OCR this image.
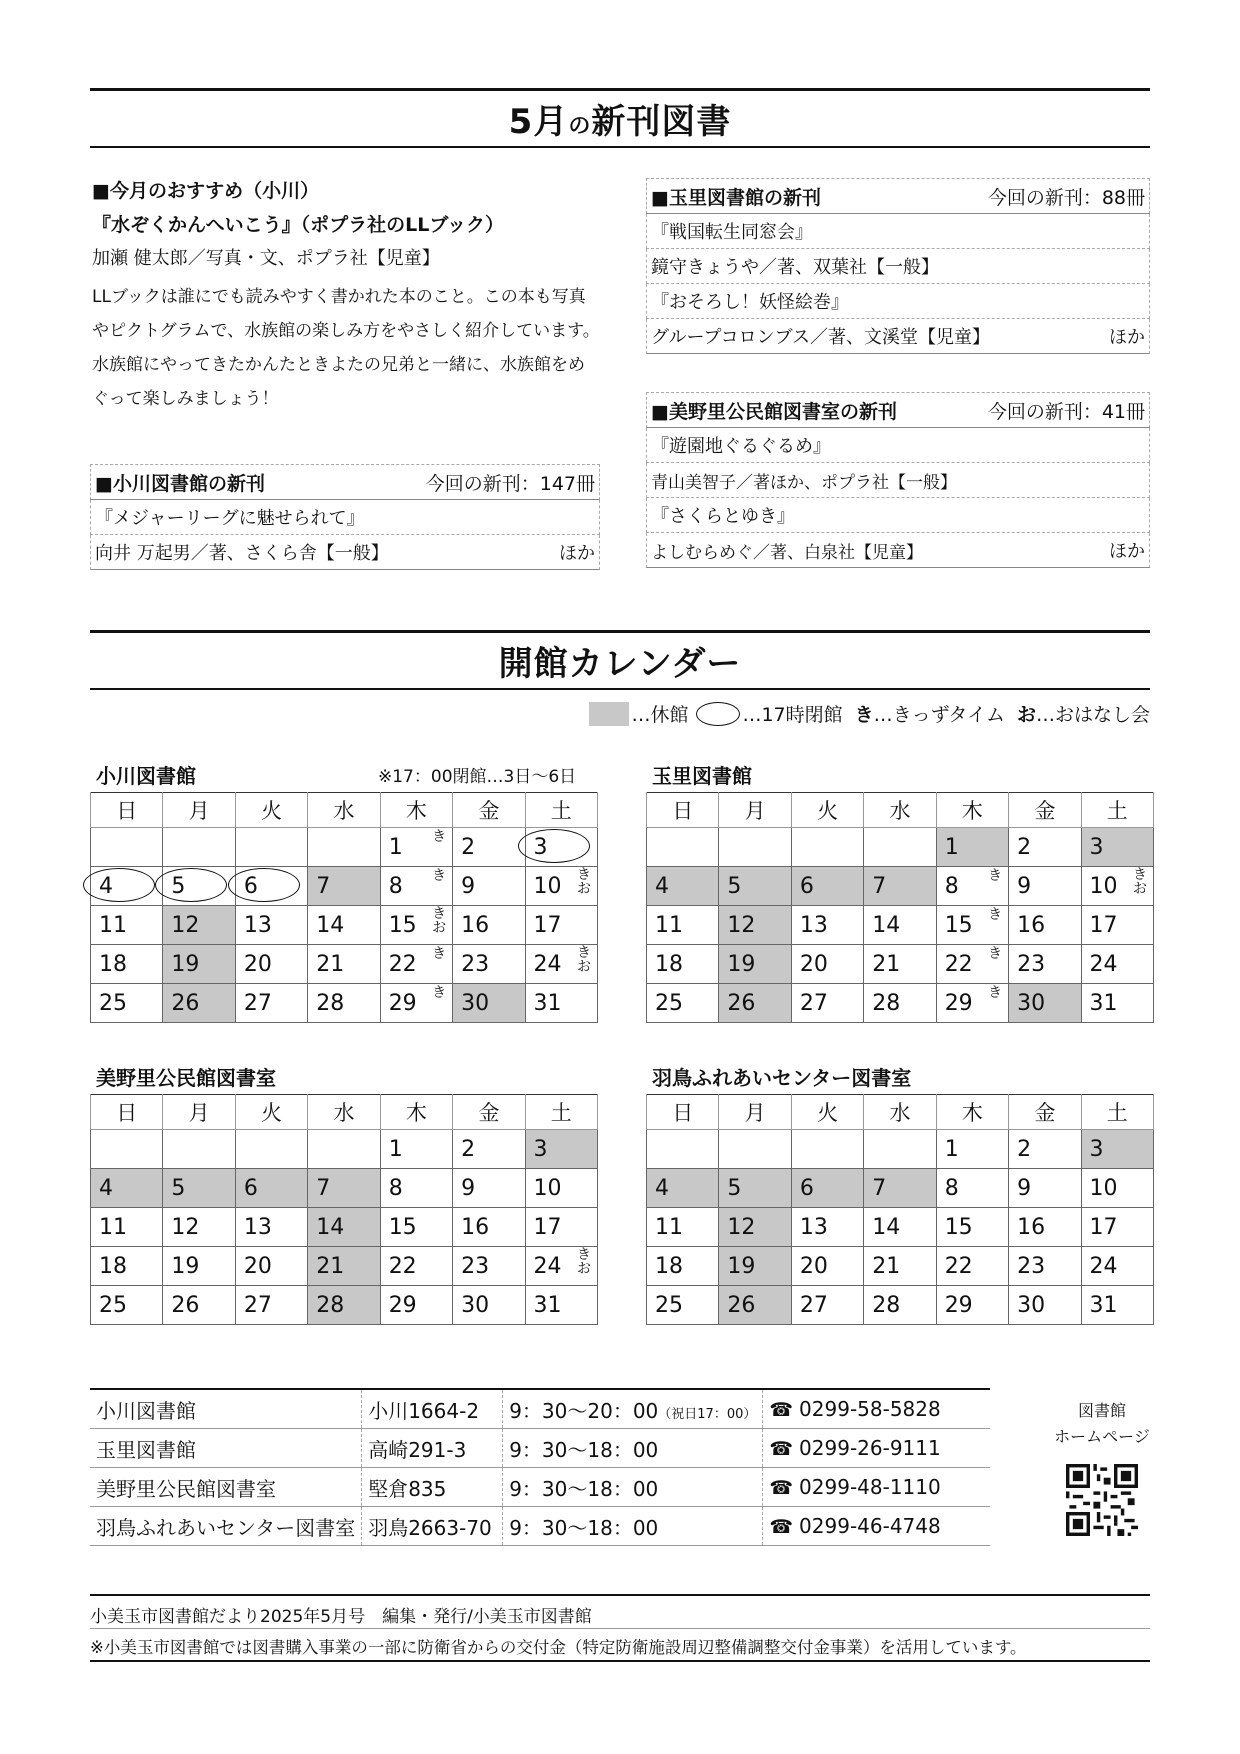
5月の新刊図書
■今月のおすすめ（小川）
『水ぞくかんへいこう』（ポプラ社のLLブック）
加瀬 健太郎／写真・文、ポプラ社【児童】
LLブックは誰にでも読みやすく書かれた本のこと。この本も写真
やピクトグラムで、水族館の楽しみ方をやさしく紹介しています。
水族館にやってきたかんたときよたの兄弟と一緒に、水族館をめ
ぐって楽しみましょう！
■小川図書館の新刊	今回の新刊：147冊
『メジャーリーグに魅せられて』
向井 万起男／著、さくら舎【一般】	ほか
■玉里図書館の新刊	今回の新刊：88冊
『戦国転生同窓会』
鏡守きょうや／著、双葉社【一般】
『おそろし！妖怪絵巻』
グループコロンブス／著、文溪堂【児童】	ほか
■美野里公民館図書室の新刊	今回の新刊：41冊
『遊園地ぐるぐるめ』
青山美智子／著ほか、ポプラ社【一般】
『さくらとゆき』
よしむらめぐ／著、白泉社【児童】	ほか
開館カレンダー
…休館	…17時閉館 き …きっずタイム お …おはなし会
小川図書館	※17：00閉館…3日～6日
日	月	火	水	木	金	土
				1 き	2	3

4	5	6	7	8 き	9	10 きお

11	12	13	14	15 きお	16	17
18	19	20	21	22 き	23	24 きお

25	26	27	28	29 き	30	31
玉里図書館
日	月	火	水	木	金	土
				1	2	3
4	5	6	7	8 き	9	10 きお

11	12	13	14	15 き	16	17
18	19	20	21	22 き	23	24
25	26	27	28	29 き	30	31
美野里公民館図書室
日	月	火	水	木	金	土
				1	2	3
4	5	6	7	8	9	10
11	12	13	14	15	16	17
18	19	20	21	22	23	24 きお

25	26	27	28	29	30	31
羽鳥ふれあいセンター図書室
日	月	火	水	木	金	土
				1	2	3
4	5	6	7	8	9	10
11	12	13	14	15	16	17
18	19	20	21	22	23	24
25	26	27	28	29	30	31
小川図書館	小川1664-2	9：30～20：00（祝日17：00）	☎ 0299-58-5828
玉里図書館	高崎291-3	9：30～18：00	☎ 0299-26-9111
美野里公民館図書室	堅倉835	9：30～18：00	☎ 0299-48-1110
羽鳥ふれあいセンター図書室	羽鳥2663-70	9：30～18：00	☎ 0299-46-4748
図書館
ホームページ
小美玉市図書館だより2025年5月号　編集・発行/小美玉市図書館
※小美玉市図書館では図書購入事業の一部に防衛省からの交付金（特定防衛施設周辺整備調整交付金事業）を活用しています。
